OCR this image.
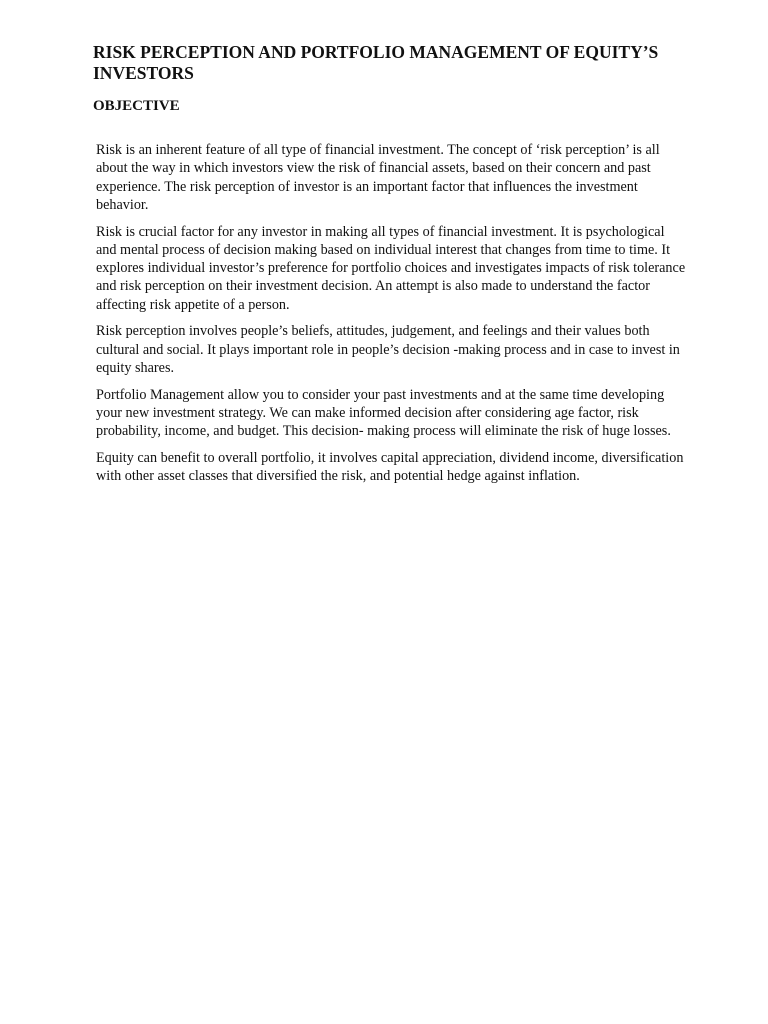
RISK PERCEPTION AND PORTFOLIO MANAGEMENT OF EQUITY’S INVESTORS
OBJECTIVE

Risk is an inherent feature of all type of financial investment. The concept of ‘risk perception’ is all about the way in which investors view the risk of financial assets, based on their concern and past experience. The risk perception of investor is an important factor that influences the investment behavior.

Risk is crucial factor for any investor in making all types of financial investment. It is psychological and mental process of decision making based on individual interest that changes from time to time. It explores individual investor’s preference for portfolio choices and investigates impacts of risk tolerance and risk perception on their investment decision. An attempt is also made to understand the factor affecting risk appetite of a person.

Risk perception involves people’s beliefs, attitudes, judgement, and feelings and their values both cultural and social. It plays important role in people’s decision -making process and in case to invest in equity shares.

Portfolio Management allow you to consider your past investments and at the same time developing your new investment strategy. We can make informed decision after considering age factor, risk probability, income, and budget. This decision- making process will eliminate the risk of huge losses.

Equity can benefit to overall portfolio, it involves capital appreciation, dividend income, diversification with other asset classes that diversified the risk, and potential hedge against inflation.
